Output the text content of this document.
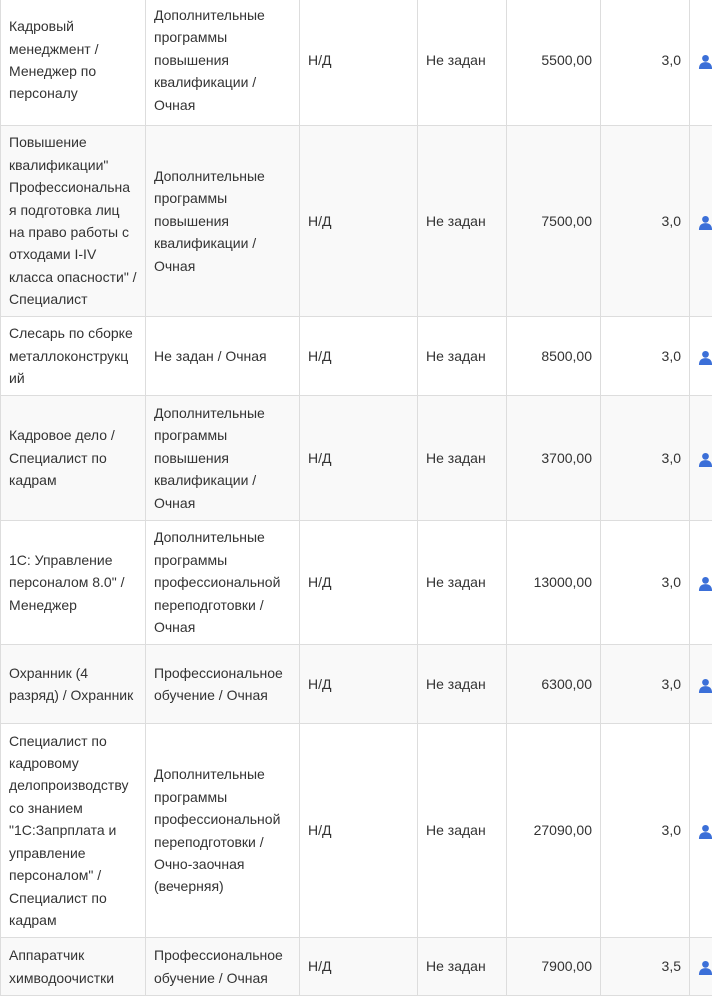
Кадровый менеджмент / Менеджер по персоналу	Дополнительные программы повышения квалификации / Очная	Н/Д	Не задан	5500,00	3,0	

Повышение квалификации" Профессиональна я подготовка лиц на право работы с отходами I-IV класса опасности" / Специалист	Дополнительные программы повышения квалификации / Очная	Н/Д	Не задан	7500,00	3,0	

Слесарь по сборке металлоконструкц ий	Не задан / Очная	Н/Д	Не задан	8500,00	3,0	

Кадровое дело / Специалист по кадрам	Дополнительные программы повышения квалификации / Очная	Н/Д	Не задан	3700,00	3,0	

1С: Управление персоналом 8.0" / Менеджер	Дополнительные программы профессиональной переподготовки / Очная	Н/Д	Не задан	13000,00	3,0	

Охранник (4 разряд) / Охранник	Профессиональное обучение / Очная	Н/Д	Не задан	6300,00	3,0	

Специалист по кадровому делопроизводству со знанием "1С:Запрплата и управление персоналом" / Специалист по кадрам	Дополнительные программы профессиональной переподготовки / Очно-заочная (вечерняя)	Н/Д	Не задан	27090,00	3,0	

Аппаратчик химводоочистки	Профессиональное обучение / Очная	Н/Д	Не задан	7900,00	3,5	
